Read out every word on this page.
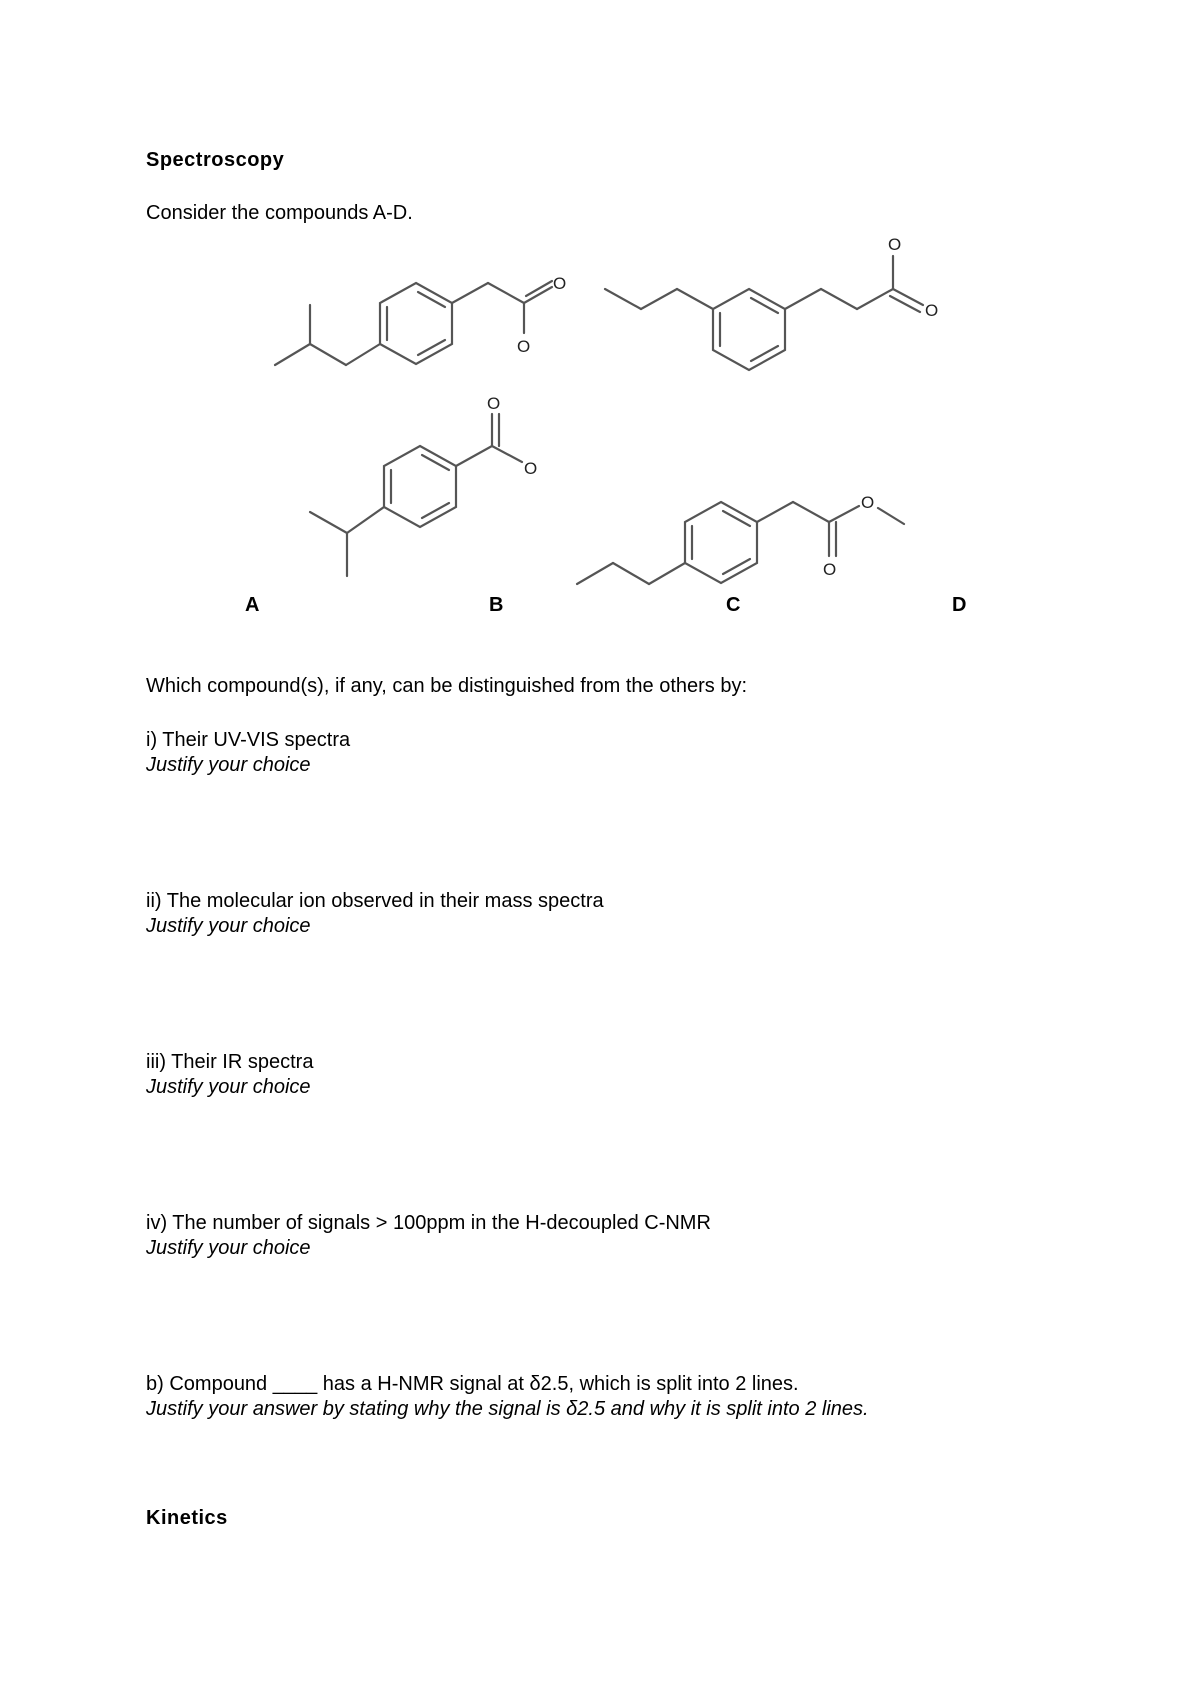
Spectroscopy
Consider the compounds A-D.
O
O
O
O
O
O
O
O
A	B	C	D
Which compound(s), if any, can be distinguished from the others by:
i) Their UV-VIS spectra
Justify your choice
ii) The molecular ion observed in their mass spectra
Justify your choice
iii) Their IR spectra
Justify your choice
iv) The number of signals > 100ppm in the H-decoupled C-NMR
Justify your choice
b) Compound ____ has a H-NMR signal at δ2.5, which is split into 2 lines.
Justify your answer by stating why the signal is δ2.5 and why it is split into 2 lines.
Kinetics
